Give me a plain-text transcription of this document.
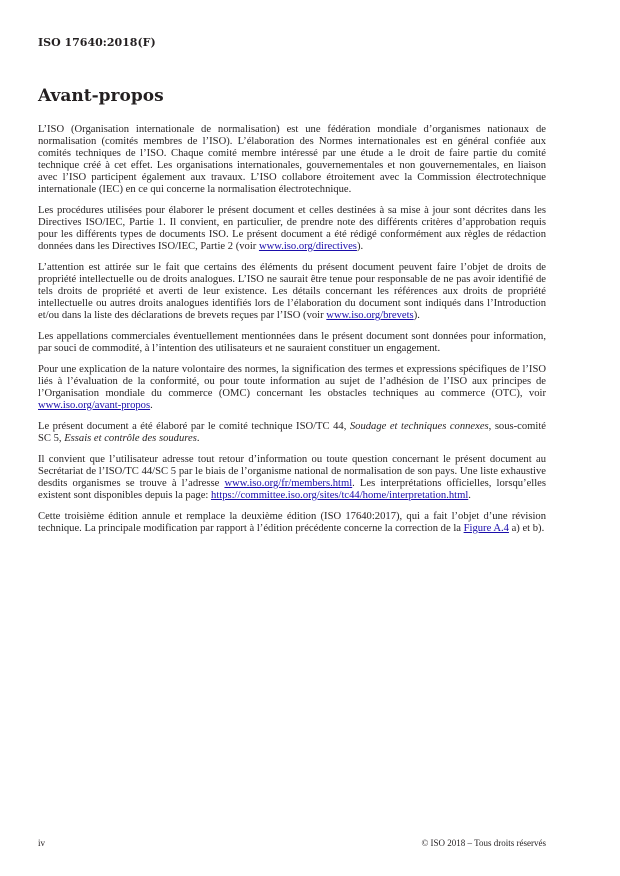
ISO 17640:2018(F)
Avant-propos

L’ISO (Organisation internationale de normalisation) est une fédération mondiale d’organismes nationaux de normalisation (comités membres de l’ISO). L’élaboration des Normes internationales est en général confiée aux comités techniques de l’ISO. Chaque comité membre intéressé par une étude a le droit de faire partie du comité technique créé à cet effet. Les organisations internationales, gouvernementales et non gouvernementales, en liaison avec l’ISO participent également aux travaux. L’ISO collabore étroitement avec la Commission électrotechnique internationale (IEC) en ce qui concerne la normalisation électrotechnique.

Les procédures utilisées pour élaborer le présent document et celles destinées à sa mise à jour sont décrites dans les Directives ISO/IEC, Partie 1. Il convient, en particulier, de prendre note des différents critères d’approbation requis pour les différents types de documents ISO. Le présent document a été rédigé conformément aux règles de rédaction données dans les Directives ISO/IEC, Partie 2 (voir www.iso.org/directives).

L’attention est attirée sur le fait que certains des éléments du présent document peuvent faire l’objet de droits de propriété intellectuelle ou de droits analogues. L’ISO ne saurait être tenue pour responsable de ne pas avoir identifié de tels droits de propriété et averti de leur existence. Les détails concernant les références aux droits de propriété intellectuelle ou autres droits analogues identifiés lors de l’élaboration du document sont indiqués dans l’Introduction et/ou dans la liste des déclarations de brevets reçues par l’ISO (voir www.iso.org/brevets).

Les appellations commerciales éventuellement mentionnées dans le présent document sont données pour information, par souci de commodité, à l’intention des utilisateurs et ne sauraient constituer un engagement.

Pour une explication de la nature volontaire des normes, la signification des termes et expressions spécifiques de l’ISO liés à l’évaluation de la conformité, ou pour toute information au sujet de l’adhésion de l’ISO aux principes de l’Organisation mondiale du commerce (OMC) concernant les obstacles techniques au commerce (OTC), voir www.iso.org/avant-propos.

Le présent document a été élaboré par le comité technique ISO/TC 44, Soudage et techniques connexes, sous-comité SC 5, Essais et contrôle des soudures.

Il convient que l’utilisateur adresse tout retour d’information ou toute question concernant le présent document au Secrétariat de l’ISO/TC 44/SC 5 par le biais de l’organisme national de normalisation de son pays. Une liste exhaustive desdits organismes se trouve à l’adresse www.iso.org/fr/members.html. Les interprétations officielles, lorsqu’elles existent sont disponibles depuis la page: https://committee.iso.org/sites/tc44/home/interpretation.html.

Cette troisième édition annule et remplace la deuxième édition (ISO 17640:2017), qui a fait l’objet d’une révision technique. La principale modification par rapport à l’édition précédente concerne la correction de la Figure A.4 a) et b).

iv	© ISO 2018 – Tous droits réservés
